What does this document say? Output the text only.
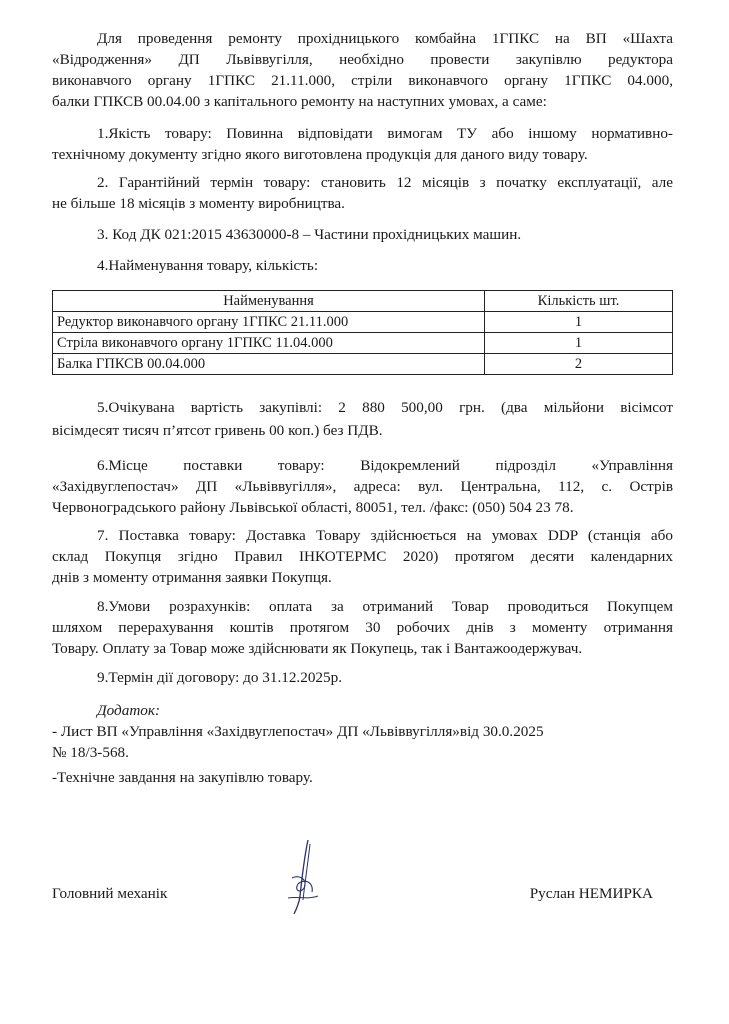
Для проведення ремонту прохідницького комбайна 1ГПКС на ВП «Шахта
«Відродження» ДП Львіввугілля, необхідно провести закупівлю редуктора
виконавчого органу 1ГПКС 21.11.000, стріли виконавчого органу 1ГПКС 04.000,
балки ГПКСВ 00.04.00 з капітального ремонту на наступних умовах, а саме:

1.Якість товару: Повинна відповідати вимогам ТУ або іншому нормативно-
технічному документу згідно якого виготовлена продукція для даного виду товару.

2. Гарантійний термін товару: становить 12 місяців з початку експлуатації, але
не більше 18 місяців з моменту виробництва.

3. Код ДК 021:2015 43630000-8 – Частини прохідницьких машин.

4.Найменування товару, кількість:

Найменування	Кількість шт.
Редуктор виконавчого органу 1ГПКС 21.11.000	1
Стріла виконавчого органу 1ГПКС 11.04.000	1
Балка ГПКСВ 00.04.000	2

5.Очікувана вартість закупівлі: 2 880 500,00 грн. (два мільйони вісімсот
вісімдесят тисяч п’ятсот гривень 00 коп.) без ПДВ.

6.Місце поставки товару: Відокремлений підрозділ «Управління
«Західвуглепостач» ДП «Львіввугілля», адреса: вул. Центральна, 112, с. Острів
Червоноградського району Львівської області, 80051, тел. /факс: (050) 504 23 78.

7. Поставка товару: Доставка Товару здійснюється на умовах DDP (станція або
склад Покупця згідно Правил ІНКОТЕРМС 2020) протягом десяти календарних
днів з моменту отримання заявки Покупця.

8.Умови розрахунків: оплата за отриманий Товар проводиться Покупцем
шляхом перерахування коштів протягом 30 робочих днів з моменту отримання
Товару. Оплату за Товар може здійснювати як Покупець, так і Вантажоодержувач.

9.Термін дії договору: до 31.12.2025р.

Додаток:
- Лист ВП «Управління «Західвуглепостач» ДП «Львіввугілля»від 30.0.2025
№ 18/3-568.
-Технічне завдання на закупівлю товару.

Головний механік	Руслан НЕМИРКА
